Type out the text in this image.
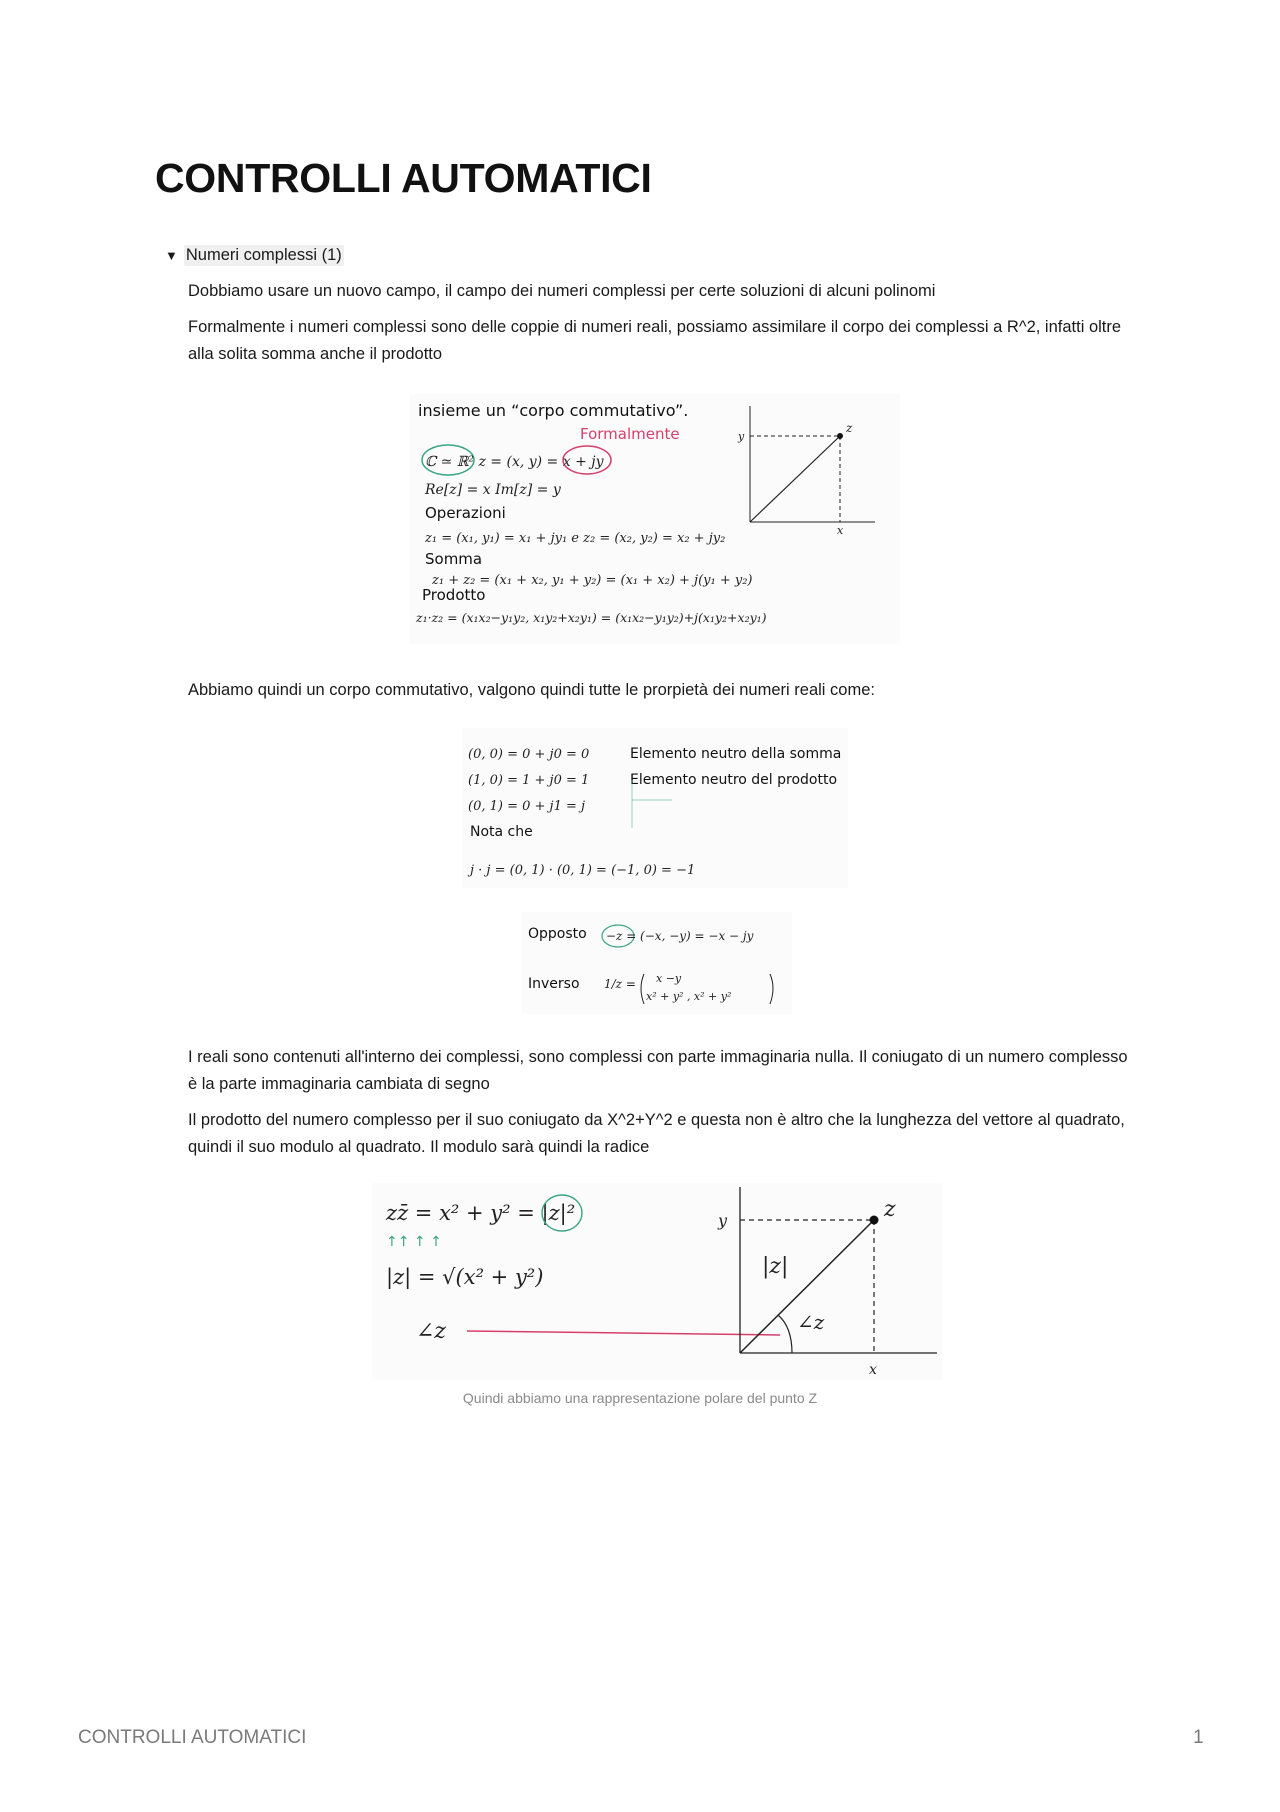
CONTROLLI AUTOMATICI
▼ Numeri complessi (1)

Dobbiamo usare un nuovo campo, il campo dei numeri complessi per certe soluzioni di alcuni polinomi

Formalmente i numeri complessi sono delle coppie di numeri reali, possiamo assimilare il corpo dei complessi a R^2, infatti oltre alla solita somma anche il prodotto

insieme un “corpo commutativo”.
Formalmente
ℂ ≃ ℝ² z = (x, y) = x + jy
Re[z] = x Im[z] = y
Operazioni
z₁ = (x₁, y₁) = x₁ + jy₁ e z₂ = (x₂, y₂) = x₂ + jy₂
Somma
z₁ + z₂ = (x₁ + x₂, y₁ + y₂) = (x₁ + x₂) + j(y₁ + y₂)
Prodotto
z₁·z₂ = (x₁x₂−y₁y₂, x₁y₂+x₂y₁) = (x₁x₂−y₁y₂)+j(x₁y₂+x₂y₁)
y
x
z

Abbiamo quindi un corpo commutativo, valgono quindi tutte le prorpietà dei numeri reali come:

(0, 0) = 0 + j0 = 0
(1, 0) = 1 + j0 = 1
(0, 1) = 0 + j1 = j
Elemento neutro della somma
Elemento neutro del prodotto
Nota che
j · j = (0, 1) · (0, 1) = (−1, 0) = −1
Opposto −z = (−x, −y) = −x − jy
Inverso 1/z = x −y
x² + y² , x² + y²

I reali sono contenuti all'interno dei complessi, sono complessi con parte immaginaria nulla. Il coniugato di un numero complesso è la parte immaginaria cambiata di segno

Il prodotto del numero complesso per il suo coniugato da X^2+Y^2 e questa non è altro che la lunghezza del vettore al quadrato, quindi il suo modulo al quadrato. Il modulo sarà quindi la radice

zz̄ = x² + y² = |z|²
↑↑ ↑ ↑
|z| = √(x² + y²)
∠z
y
x
z
|z|
∠z
Quindi abbiamo una rappresentazione polare del punto Z
CONTROLLI AUTOMATICI	1
